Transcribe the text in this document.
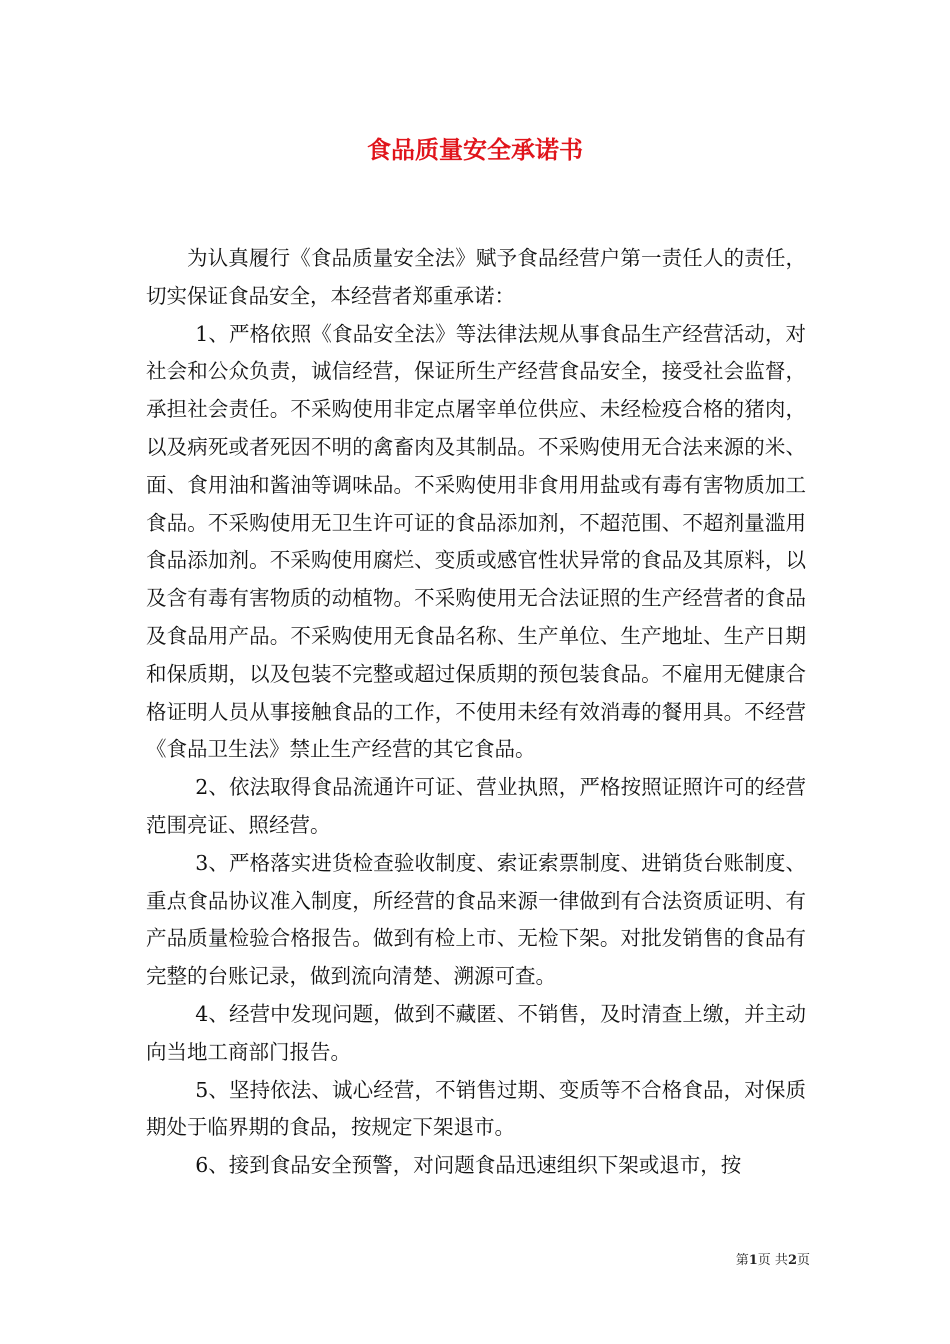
食品质量安全承诺书

为认真履行《食品质量安全法》赋予食品经营户第一责任人的责任，切实保证食品安全，本经营者郑重承诺：

1、严格依照《食品安全法》等法律法规从事食品生产经营活动，对社会和公众负责，诚信经营，保证所生产经营食品安全，接受社会监督，承担社会责任。不采购使用非定点屠宰单位供应、未经检疫合格的猪肉，以及病死或者死因不明的禽畜肉及其制品。不采购使用无合法来源的米、面、食用油和酱油等调味品。不采购使用非食用用盐或有毒有害物质加工食品。不采购使用无卫生许可证的食品添加剂，不超范围、不超剂量滥用食品添加剂。不采购使用腐烂、变质或感官性状异常的食品及其原料，以及含有毒有害物质的动植物。不采购使用无合法证照的生产经营者的食品及食品用产品。不采购使用无食品名称、生产单位、生产地址、生产日期和保质期，以及包装不完整或超过保质期的预包装食品。不雇用无健康合格证明人员从事接触食品的工作，不使用未经有效消毒的餐用具。不经营《食品卫生法》禁止生产经营的其它食品。

2、依法取得食品流通许可证、营业执照，严格按照证照许可的经营范围亮证、照经营。

3、严格落实进货检查验收制度、索证索票制度、进销货台账制度、重点食品协议准入制度，所经营的食品来源一律做到有合法资质证明、有产品质量检验合格报告。做到有检上市、无检下架。对批发销售的食品有完整的台账记录，做到流向清楚、溯源可查。

4、经营中发现问题，做到不藏匿、不销售，及时清查上缴，并主动向当地工商部门报告。

5、坚持依法、诚心经营，不销售过期、变质等不合格食品，对保质期处于临界期的食品，按规定下架退市。

6、接到食品安全预警，对问题食品迅速组织下架或退市，按

第1页 共2页
